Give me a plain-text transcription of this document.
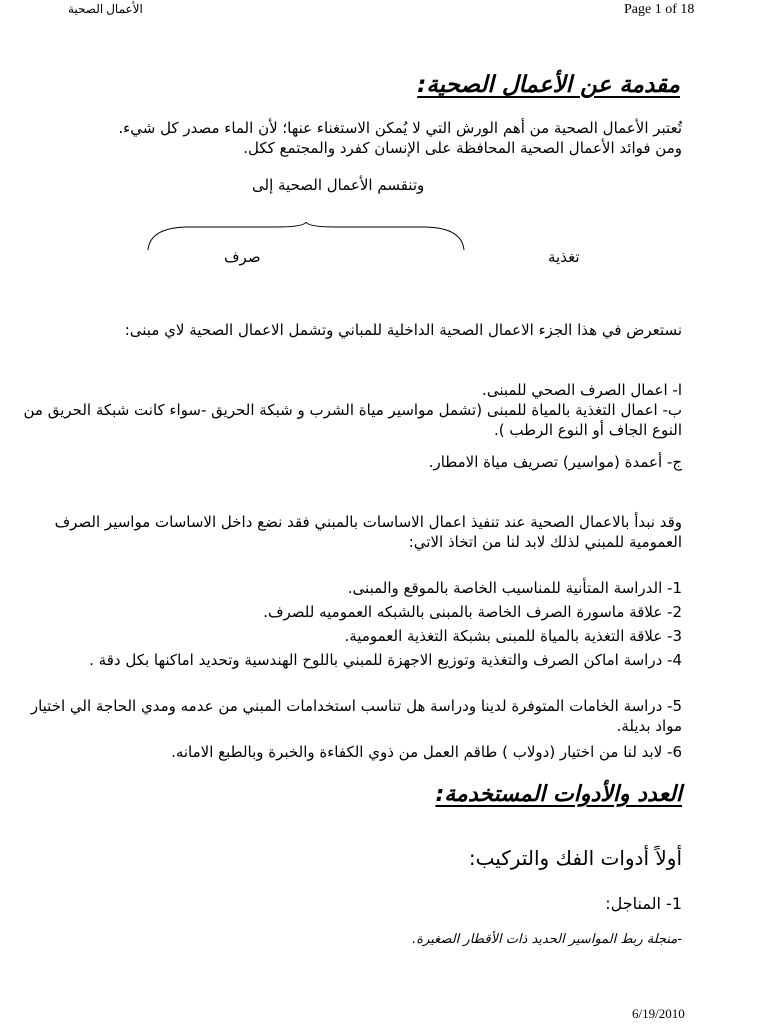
Page 1 of 18
الأعمال الصحية
مقدمة عن الأعمال الصحية:
تُعتبر الأعمال الصحية من أهم الورش التي لا يُمكن الاستغناء عنها؛ لأن الماء مصدر كل شيء.
ومن فوائد الأعمال الصحية المحافظة على الإنسان كفرد والمجتمع ككل.
وتنقسم الأعمال الصحية إلى
صرف	تغذية
نستعرض في هذا الجزء الاعمال الصحية الداخلية للمباني وتشمل الاعمال الصحية لاي مبنى:
ا- اعمال الصرف الصحي للمبنى.
ب- اعمال التغذية بالمياة للمبنى (تشمل مواسير مياة الشرب و شبكة الحريق -سواء كانت شبكة الحريق من النوع الجاف أو النوع الرطب ).
ج- أعمدة (مواسير) تصريف مياة الامطار.
وقد نبدأ بالاعمال الصحية عند تنفيذ اعمال الاساسات بالمبني فقد نضع داخل الاساسات مواسير الصرف العمومية للمبني لذلك لابد لنا من اتخاذ الاتي:
1- الدراسة المتأنية للمناسيب الخاصة بالموقع والمبنى.
2- علاقة ماسورة الصرف الخاصة بالمبنى بالشبكه العموميه للصرف.
3- علاقة التغذية بالمياة للمبنى بشبكة التغذية العمومية.
4- دراسة اماكن الصرف والتغذية وتوزيع الاجهزة للمبني باللوح الهندسية وتحديد اماكنها بكل دقة .
5- دراسة الخامات المتوفرة لدينا ودراسة هل تناسب استخدامات المبني من عدمه ومدي الحاجة الي اختيار مواد بديلة.
6- لابد لنا من اختيار (دولاب ) طاقم العمل من ذوي الكفاءة والخبرة وبالطبع الامانه.
العدد والأدوات المستخدمة:
أولاً أدوات الفك والتركيب:
1- المناجل:
-منجلة ربط المواسير الحديد ذات الأقطار الصغيرة.
6/19/2010
